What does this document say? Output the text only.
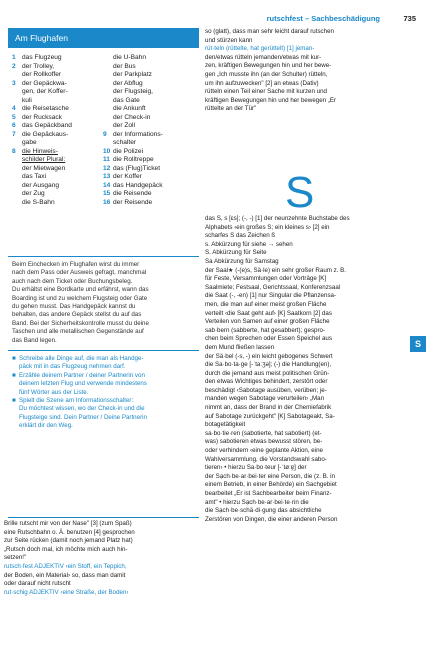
rutschfest – Sachbeschädigung	735
Am Flughafen
1 das Flugzeug	die U-Bahn
2 der Trolley,	der Bus
der Rollkoffer	der Parkplatz
3 der Gepäckwa-	der Abflug
gen, der Koffer-	der Flugsteig,
kuli	das Gate
4 die Reisetasche	die Ankunft
5 der Rucksack	der Check-in
6 das Gepäckband	der Zoll
7 die Gepäckaus-	9 der Informations-
gabe	schalter
8 die Hinweis-	10 die Polizei
schilder Plural:	11 die Rolltreppe
der Mietwagen	12 das (Flug)Ticket
das Taxi	13 der Koffer
der Ausgang	14 das Handgepäck
der Zug	15 die Reisende
die S-Bahn	16 der Reisende
Beim Einchecken im Flughafen wirst du immer
nach dem Pass oder Ausweis gefragt, manchmal
auch nach dem Ticket oder Buchungsbeleg.
Du erhältst eine Bordkarte und erfährst, wann das
Boarding ist und zu welchem Flugsteig oder Gate
du gehen musst. Das Handgepäck kannst du
behalten, das andere Gepäck stellst du auf das
Band. Bei der Sicherheitskontrolle musst du deine
Taschen und alle metallischen Gegenstände auf
das Band legen.
■ Schreibe alle Dinge auf, die man als Handge-
päck mit in das Flugzeug nehmen darf.
■ Erzähle deinem Partner / deiner Partnerin von
deinem letzten Flug und verwende mindestens
fünf Wörter aus der Liste.
■ Spielt die Szene am Informationsschalter:
Du möchtest wissen, wo der Check-in und die
Flugsteige sind. Dein Partner / Deine Partnerin
erklärt dir den Weg.
Brille rutscht mir von der Nase" [3] (zum Spaß)
eine Rutschbahn o. Ä. benutzen [4] gesprochen
zur Seite rücken (damit noch jemand Platz hat)
„Rutsch doch mal, ich möchte mich auch hin-
setzen!"
rutsch·fest ADJEKTIV ‹ein Stoff, ein Teppich,
der Boden, ein Material› so, dass man damit
oder darauf nicht rutscht
rut·schig ADJEKTIV ‹eine Straße, der Boden›
so (glatt), dass man sehr leicht darauf rutschen
und stürzen kann
rüt·teln (rüttelte, hat gerüttelt) [1] jeman-
den/etwas rütteln jemanden/etwas mit kur-
zen, kräftigen Bewegungen hin und her bewe-
gen „Ich musste ihn (an der Schulter) rütteln,
um ihn aufzuwecken" [2] an etwas (Dativ)
rütteln einen Teil einer Sache mit kurzen und
kräftigen Bewegungen hin und her bewegen „Er
rüttelte an der Tür"
S
das S, s [ɛs]; (-, -) [1] der neunzehnte Buchstabe des
Alphabets ‹ein großes S; ein kleines s› [2] ein
scharfes S das Zeichen ß
s. Abkürzung für siehe → sehen
S. Abkürzung für Seite
Sa Abkürzung für Samstag
der Saal★ (-(e)s, Sä·le) ein sehr großer Raum z. B.
für Feste, Versammlungen oder Vorträge [K]
Saalmiete; Festsaal, Gerichtssaal, Konferenzsaal
die Saat (-, -en) [1] nur Singular die Pflanzensa-
men, die man auf einer meist großen Fläche
verteilt ‹die Saat geht auf› [K] Saatkorn [2] das
Verteilen von Samen auf einer großen Fläche
sab·bern (sabberte, hat gesabbert); gespro-
chen beim Sprechen oder Essen Speichel aus
dem Mund fließen lassen
der Sä·bel (-s, -) ein leicht gebogenes Schwert
die Sa·bo·ta·ge [-ˈtaːʒə]; (-) die Handlung(en),
durch die jemand aus meist politischen Grün-
den etwas Wichtiges behindert, zerstört oder
beschädigt ‹Sabotage ausüben, verüben; je-
manden wegen Sabotage verurteilen› „Man
nimmt an, dass der Brand in der Chemiefabrik
auf Sabotage zurückgeht" [K] Sabotageakt, Sa-
botagetätigkeit
sa·bo·tie·ren (sabotierte, hat sabotiert) (et-
was) sabotieren etwas bewusst stören, be-
oder verhindern ‹eine geplante Aktion, eine
Wahlversammlung, die Vorstandswahl sabo-
tieren› • hierzu Sa·bo·teur [-ˈtøːɐ̯] der
der Sạch·be·ar·bei·ter eine Person, die (z. B. in
einem Betrieb, in einer Behörde) ein Sachgebiet
bearbeitet „Er ist Sachbearbeiter beim Finanz-
amt" • hierzu Sạch·be·ar·bei·te·rin die
die Sạch·be·schä·di·gung das absichtliche
Zerstören von Dingen, die einer anderen Person
S
